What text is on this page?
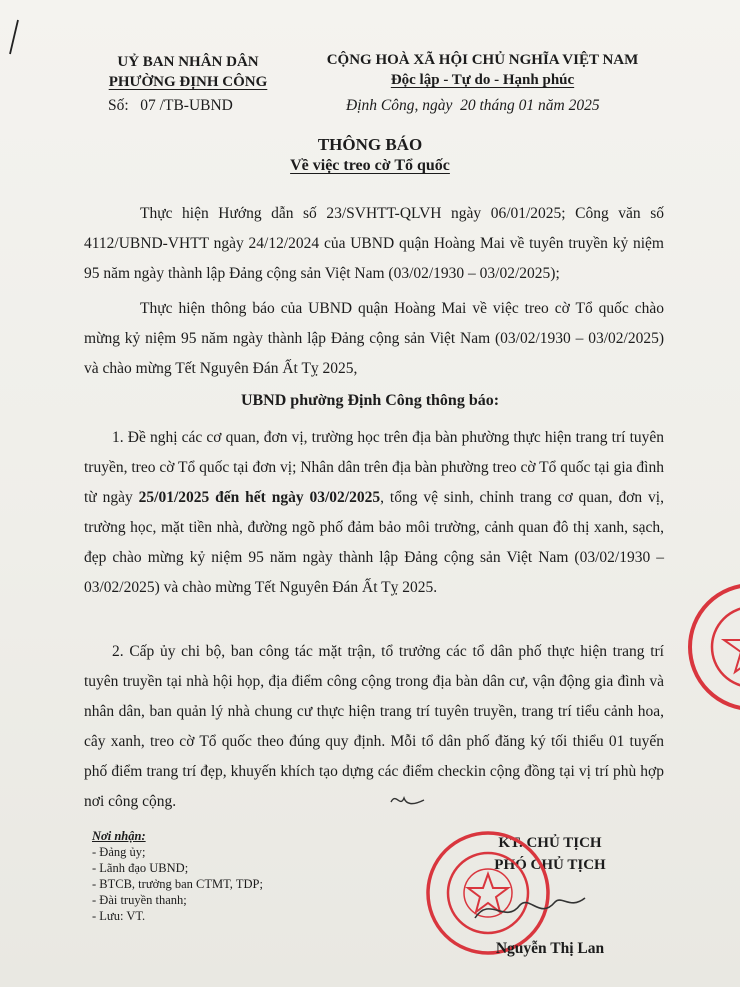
UỶ BAN NHÂN DÂN
PHƯỜNG ĐỊNH CÔNG
CỘNG HOÀ XÃ HỘI CHỦ NGHĨA VIỆT NAM
Độc lập - Tự do - Hạnh phúc
Số:   07 /TB-UBND	Định Công, ngày  20 tháng 01 năm 2025
THÔNG BÁO
Về việc treo cờ Tổ quốc
Thực hiện Hướng dẫn số 23/SVHTT-QLVH ngày 06/01/2025; Công văn số 4112/UBND-VHTT ngày 24/12/2024 của UBND quận Hoàng Mai về tuyên truyền kỷ niệm 95 năm ngày thành lập Đảng cộng sản Việt Nam (03/02/1930 – 03/02/2025);
Thực hiện thông báo của UBND quận Hoàng Mai về việc treo cờ Tổ quốc chào mừng kỷ niệm 95 năm ngày thành lập Đảng cộng sản Việt Nam (03/02/1930 – 03/02/2025) và chào mừng Tết Nguyên Đán Ất Tỵ 2025,
UBND phường Định Công thông báo:
1. Đề nghị các cơ quan, đơn vị, trường học trên địa bàn phường thực hiện trang trí tuyên truyền, treo cờ Tổ quốc tại đơn vị; Nhân dân trên địa bàn phường treo cờ Tổ quốc tại gia đình từ ngày 25/01/2025 đến hết ngày 03/02/2025, tổng vệ sinh, chỉnh trang cơ quan, đơn vị, trường học, mặt tiền nhà, đường ngõ phố đảm bảo môi trường, cảnh quan đô thị xanh, sạch, đẹp chào mừng kỷ niệm 95 năm ngày thành lập Đảng cộng sản Việt Nam (03/02/1930 – 03/02/2025) và chào mừng Tết Nguyên Đán Ất Tỵ 2025.
2. Cấp ủy chi bộ, ban công tác mặt trận, tổ trưởng các tổ dân phố thực hiện trang trí tuyên truyền tại nhà hội họp, địa điểm công cộng trong địa bàn dân cư, vận động gia đình và nhân dân, ban quản lý nhà chung cư thực hiện trang trí tuyên truyền, trang trí tiểu cảnh hoa, cây xanh, treo cờ Tổ quốc theo đúng quy định. Mỗi tổ dân phố đăng ký tối thiểu 01 tuyến phố điểm trang trí đẹp, khuyến khích tạo dựng các điểm checkin cộng đồng tại vị trí phù hợp nơi công cộng.
Nơi nhận:
- Đảng ủy;
- Lãnh đạo UBND;
- BTCB, trưởng ban CTMT, TDP;
- Đài truyền thanh;
- Lưu: VT.
KT. CHỦ TỊCH
PHÓ CHỦ TỊCH
Nguyễn Thị Lan
